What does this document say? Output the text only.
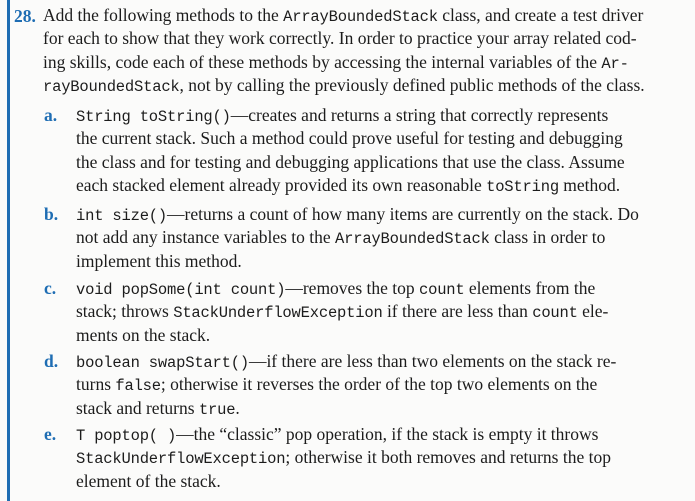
28. Add the following methods to the ArrayBoundedStack class, and create a test driver
for each to show that they work correctly. In order to practice your array related cod-
ing skills, code each of these methods by accessing the internal variables of the Ar-
rayBoundedStack, not by calling the previously defined public methods of the class.
a. String toString()—creates and returns a string that correctly represents
the current stack. Such a method could prove useful for testing and debugging
the class and for testing and debugging applications that use the class. Assume
each stacked element already provided its own reasonable toString method.
b. int size()—returns a count of how many items are currently on the stack. Do
not add any instance variables to the ArrayBoundedStack class in order to
implement this method.
c. void popSome(int count)—removes the top count elements from the
stack; throws StackUnderflowException if there are less than count ele-
ments on the stack.
d. boolean swapStart()—if there are less than two elements on the stack re-
turns false; otherwise it reverses the order of the top two elements on the
stack and returns true.
e. T poptop( )—the “classic” pop operation, if the stack is empty it throws
StackUnderflowException; otherwise it both removes and returns the top
element of the stack.
